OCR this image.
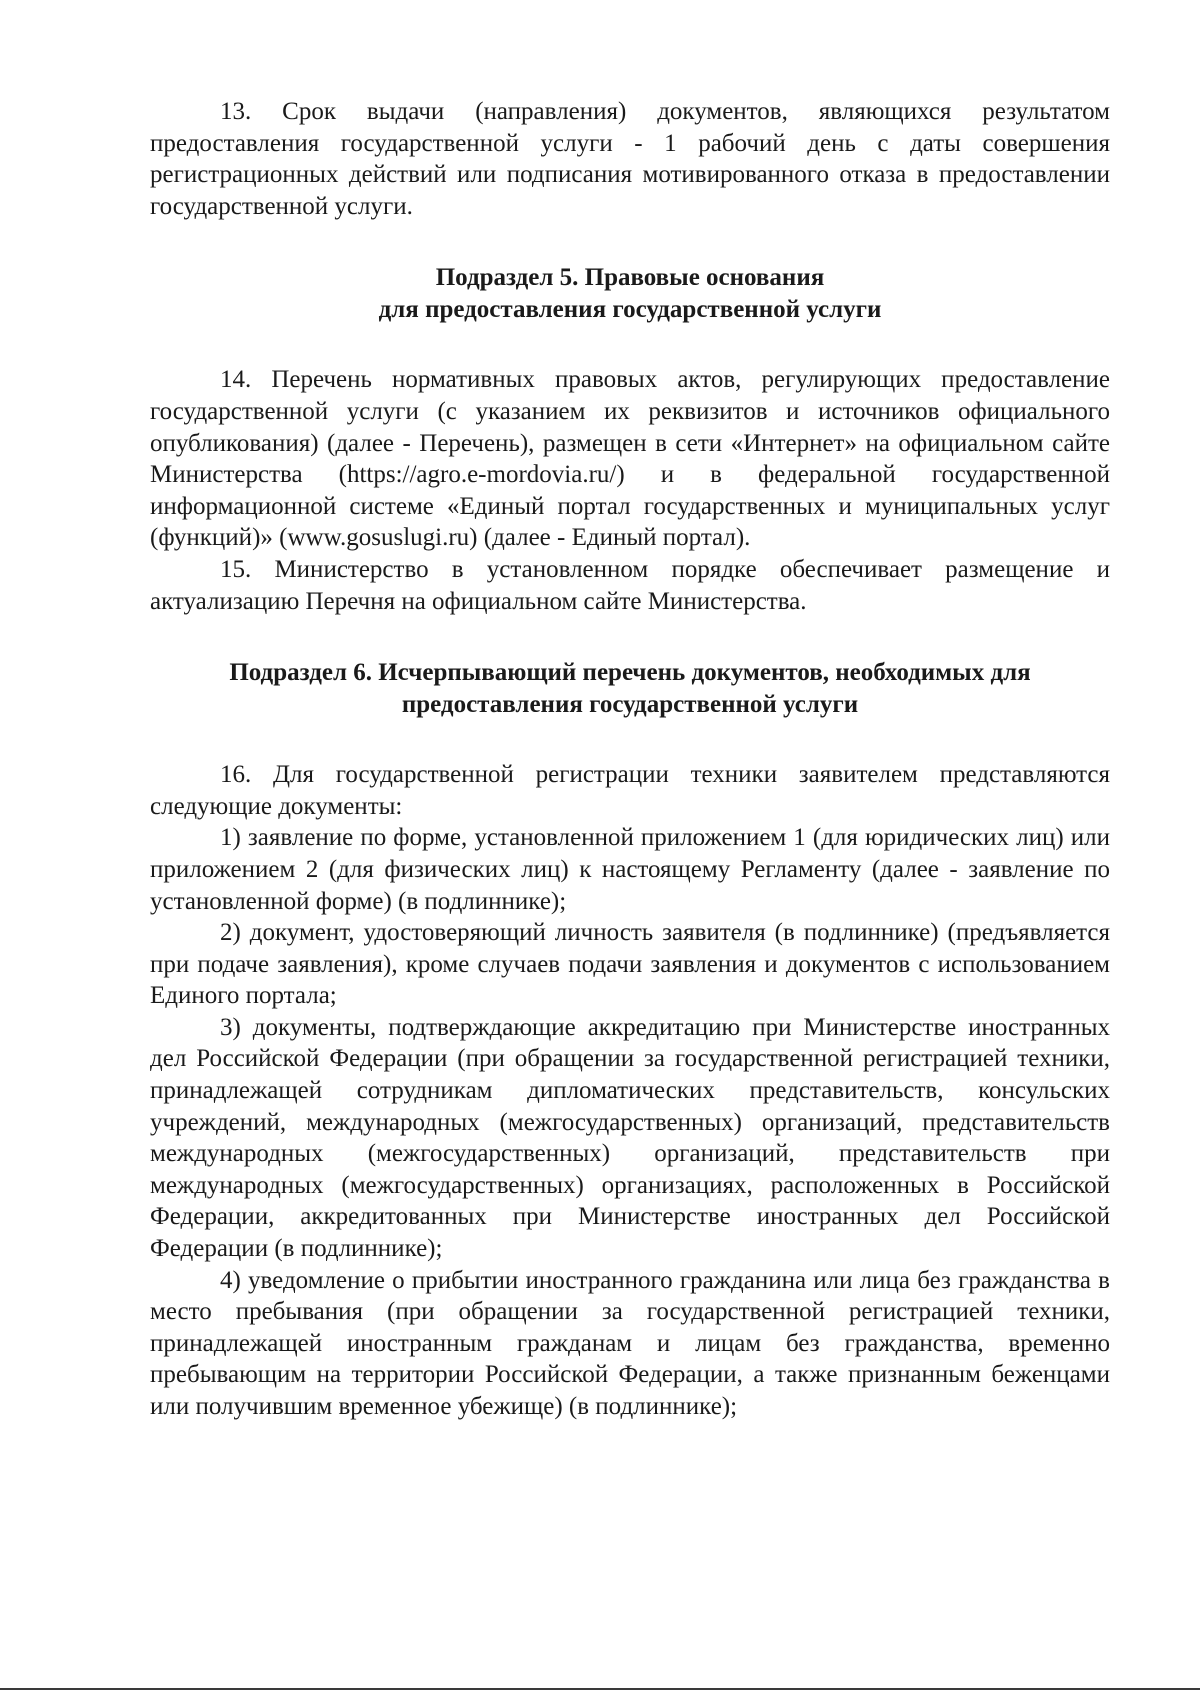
13. Срок выдачи (направления) документов, являющихся результатом предоставления государственной услуги - 1 рабочий день с даты совершения регистрационных действий или подписания мотивированного отказа в предоставлении государственной услуги.

Подраздел 5. Правовые основания

для предоставления государственной услуги

14. Перечень нормативных правовых актов, регулирующих предоставление государственной услуги (с указанием их реквизитов и источников официального опубликования) (далее - Перечень), размещен в сети «Интернет» на официальном сайте Министерства (https://agro.e-mordovia.ru/) и в федеральной государственной информационной системе «Единый портал государственных и муниципальных услуг (функций)» (www.gosuslugi.ru) (далее - Единый портал).

15. Министерство в установленном порядке обеспечивает размещение и актуализацию Перечня на официальном сайте Министерства.

Подраздел 6. Исчерпывающий перечень документов, необходимых для

предоставления государственной услуги

16. Для государственной регистрации техники заявителем представляются следующие документы:

1) заявление по форме, установленной приложением 1 (для юридических лиц) или приложением 2 (для физических лиц) к настоящему Регламенту (далее - заявление по установленной форме) (в подлиннике);

2) документ, удостоверяющий личность заявителя (в подлиннике) (предъявляется при подаче заявления), кроме случаев подачи заявления и документов с использованием Единого портала;

3) документы, подтверждающие аккредитацию при Министерстве иностранных дел Российской Федерации (при обращении за государственной регистрацией техники, принадлежащей сотрудникам дипломатических представительств, консульских учреждений, международных (межгосударственных) организаций, представительств международных (межгосударственных) организаций, представительств при международных (межгосударственных) организациях, расположенных в Российской Федерации, аккредитованных при Министерстве иностранных дел Российской Федерации (в подлиннике);

4) уведомление о прибытии иностранного гражданина или лица без гражданства в место пребывания (при обращении за государственной регистрацией техники, принадлежащей иностранным гражданам и лицам без гражданства, временно пребывающим на территории Российской Федерации, а также признанным беженцами или получившим временное убежище) (в подлиннике);
